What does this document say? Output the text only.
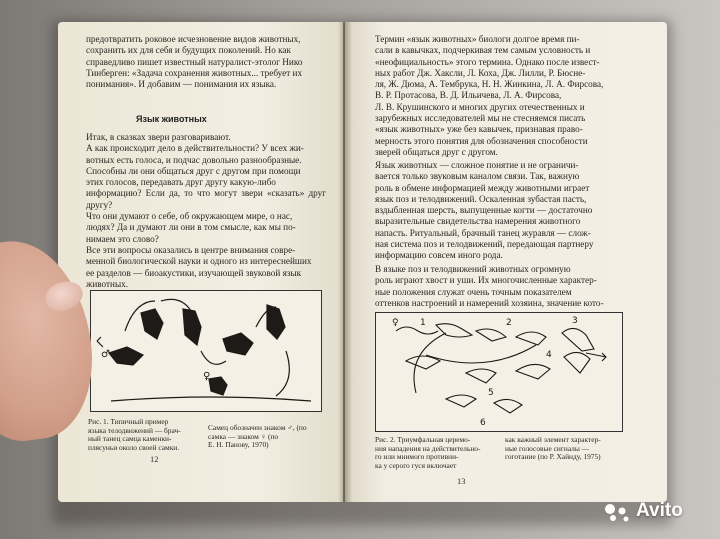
предотвратить роковое исчезновение видов животных,
сохранить их для себя и будущих поколений. Но как
справедливо пишет известный натуралист-этолог Нико
Тинберген: «Задача сохранения животных... требует их
понимания». И добавим — понимания их языка.
Язык животных
Итак, в сказках звери разговаривают.
А как происходит дело в действительности? У всех жи-
вотных есть голоса, и подчас довольно разнообразные.
Способны ли они общаться друг с другом при помощи
этих голосов, передавать друг другу какую-либо
информацию? Если да, то что могут звери «сказать» друг другу?
Что они думают о себе, об окружающем мире, о нас,
людях? Да и думают ли они в том смысле, как мы по-
нимаем это слово?
Все эти вопросы оказались в центре внимания совре-
менной биологической науки и одного из интереснейших
ее разделов — биоакустики, изучающей звуковой язык
животных.
♂
♀
Рис. 1. Типичный пример
языка телодвижений — брач-
ный танец самца каменки-
плясуньи около своей самки.
Самец обозначен знаком ♂, (по
самка — знаком ♀ (по
Е. Н. Панову, 1970)
12
Термин «язык животных» биологи долгое время пи-
сали в кавычках, подчеркивая тем самым условность и
«неофициальность» этого термина. Однако после извест-
ных работ Дж. Хаксли, Л. Коха, Дж. Лилли, Р. Бюсне-
ля, Ж. Дюма, А. Тембрука, Н. Н. Жинкина, Л. А. Фирсова,
В. Р. Протасова, В. Д. Ильичева, Л. А. Фирсова,
Л. В. Крушинского и многих других отечественных и
зарубежных исследователей мы не стесняемся писать
«язык животных» уже без кавычек, признавая право-
мерность этого понятия для обозначения способности
зверей общаться друг с другом.
Язык животных — сложное понятие и не ограничи-
вается только звуковым каналом связи. Так, важную
роль в обмене информацией между животными играет
язык поз и телодвижений. Оскаленная зубастая пасть,
вздыбленная шерсть, выпущенные когти — достаточно
выразительные свидетельства намерения животного
напасть. Ритуальный, брачный танец журавля — слож-
ная система поз и телодвижений, передающая партнеру
информацию совсем иного рода.
В языке поз и телодвижений животных огромную
роль играют хвост и уши. Их многочисленные характер-
ные положения служат очень точным показателем
оттенков настроений и намерений хозяина, значение кото-
♀ 1	2	3
4
5
6
Рис. 2. Триумфальная церемо-
ния нападения на действительно-
го или мнимого противни-
ка у серого гуся включает
как важный элемент характер-
ные голосовые сигналы —
гоготание (по Р. Хайнду, 1975)
13
Avito
